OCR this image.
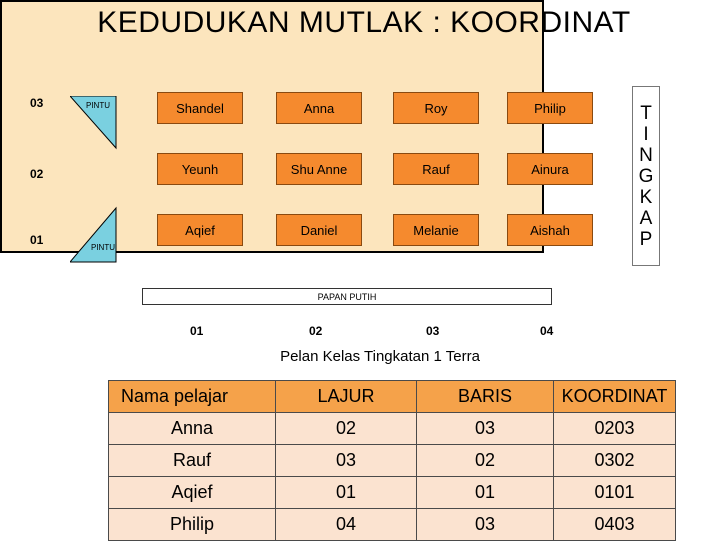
KEDUDUKAN MUTLAK : KOORDINAT
03
02
01
PINTU
PINTU
Shandel	Anna	Roy	Philip
Yeunh	Shu Anne	Rauf	Ainura
Aqief	Daniel	Melanie	Aishah
T
I
N
G
K
A
P
PAPAN PUTIH
01	02	03	04
Pelan Kelas Tingkatan 1 Terra
Nama pelajar	LAJUR	BARIS	KOORDINAT
Anna	02	03	0203
Rauf	03	02	0302
Aqief	01	01	0101
Philip	04	03	0403
